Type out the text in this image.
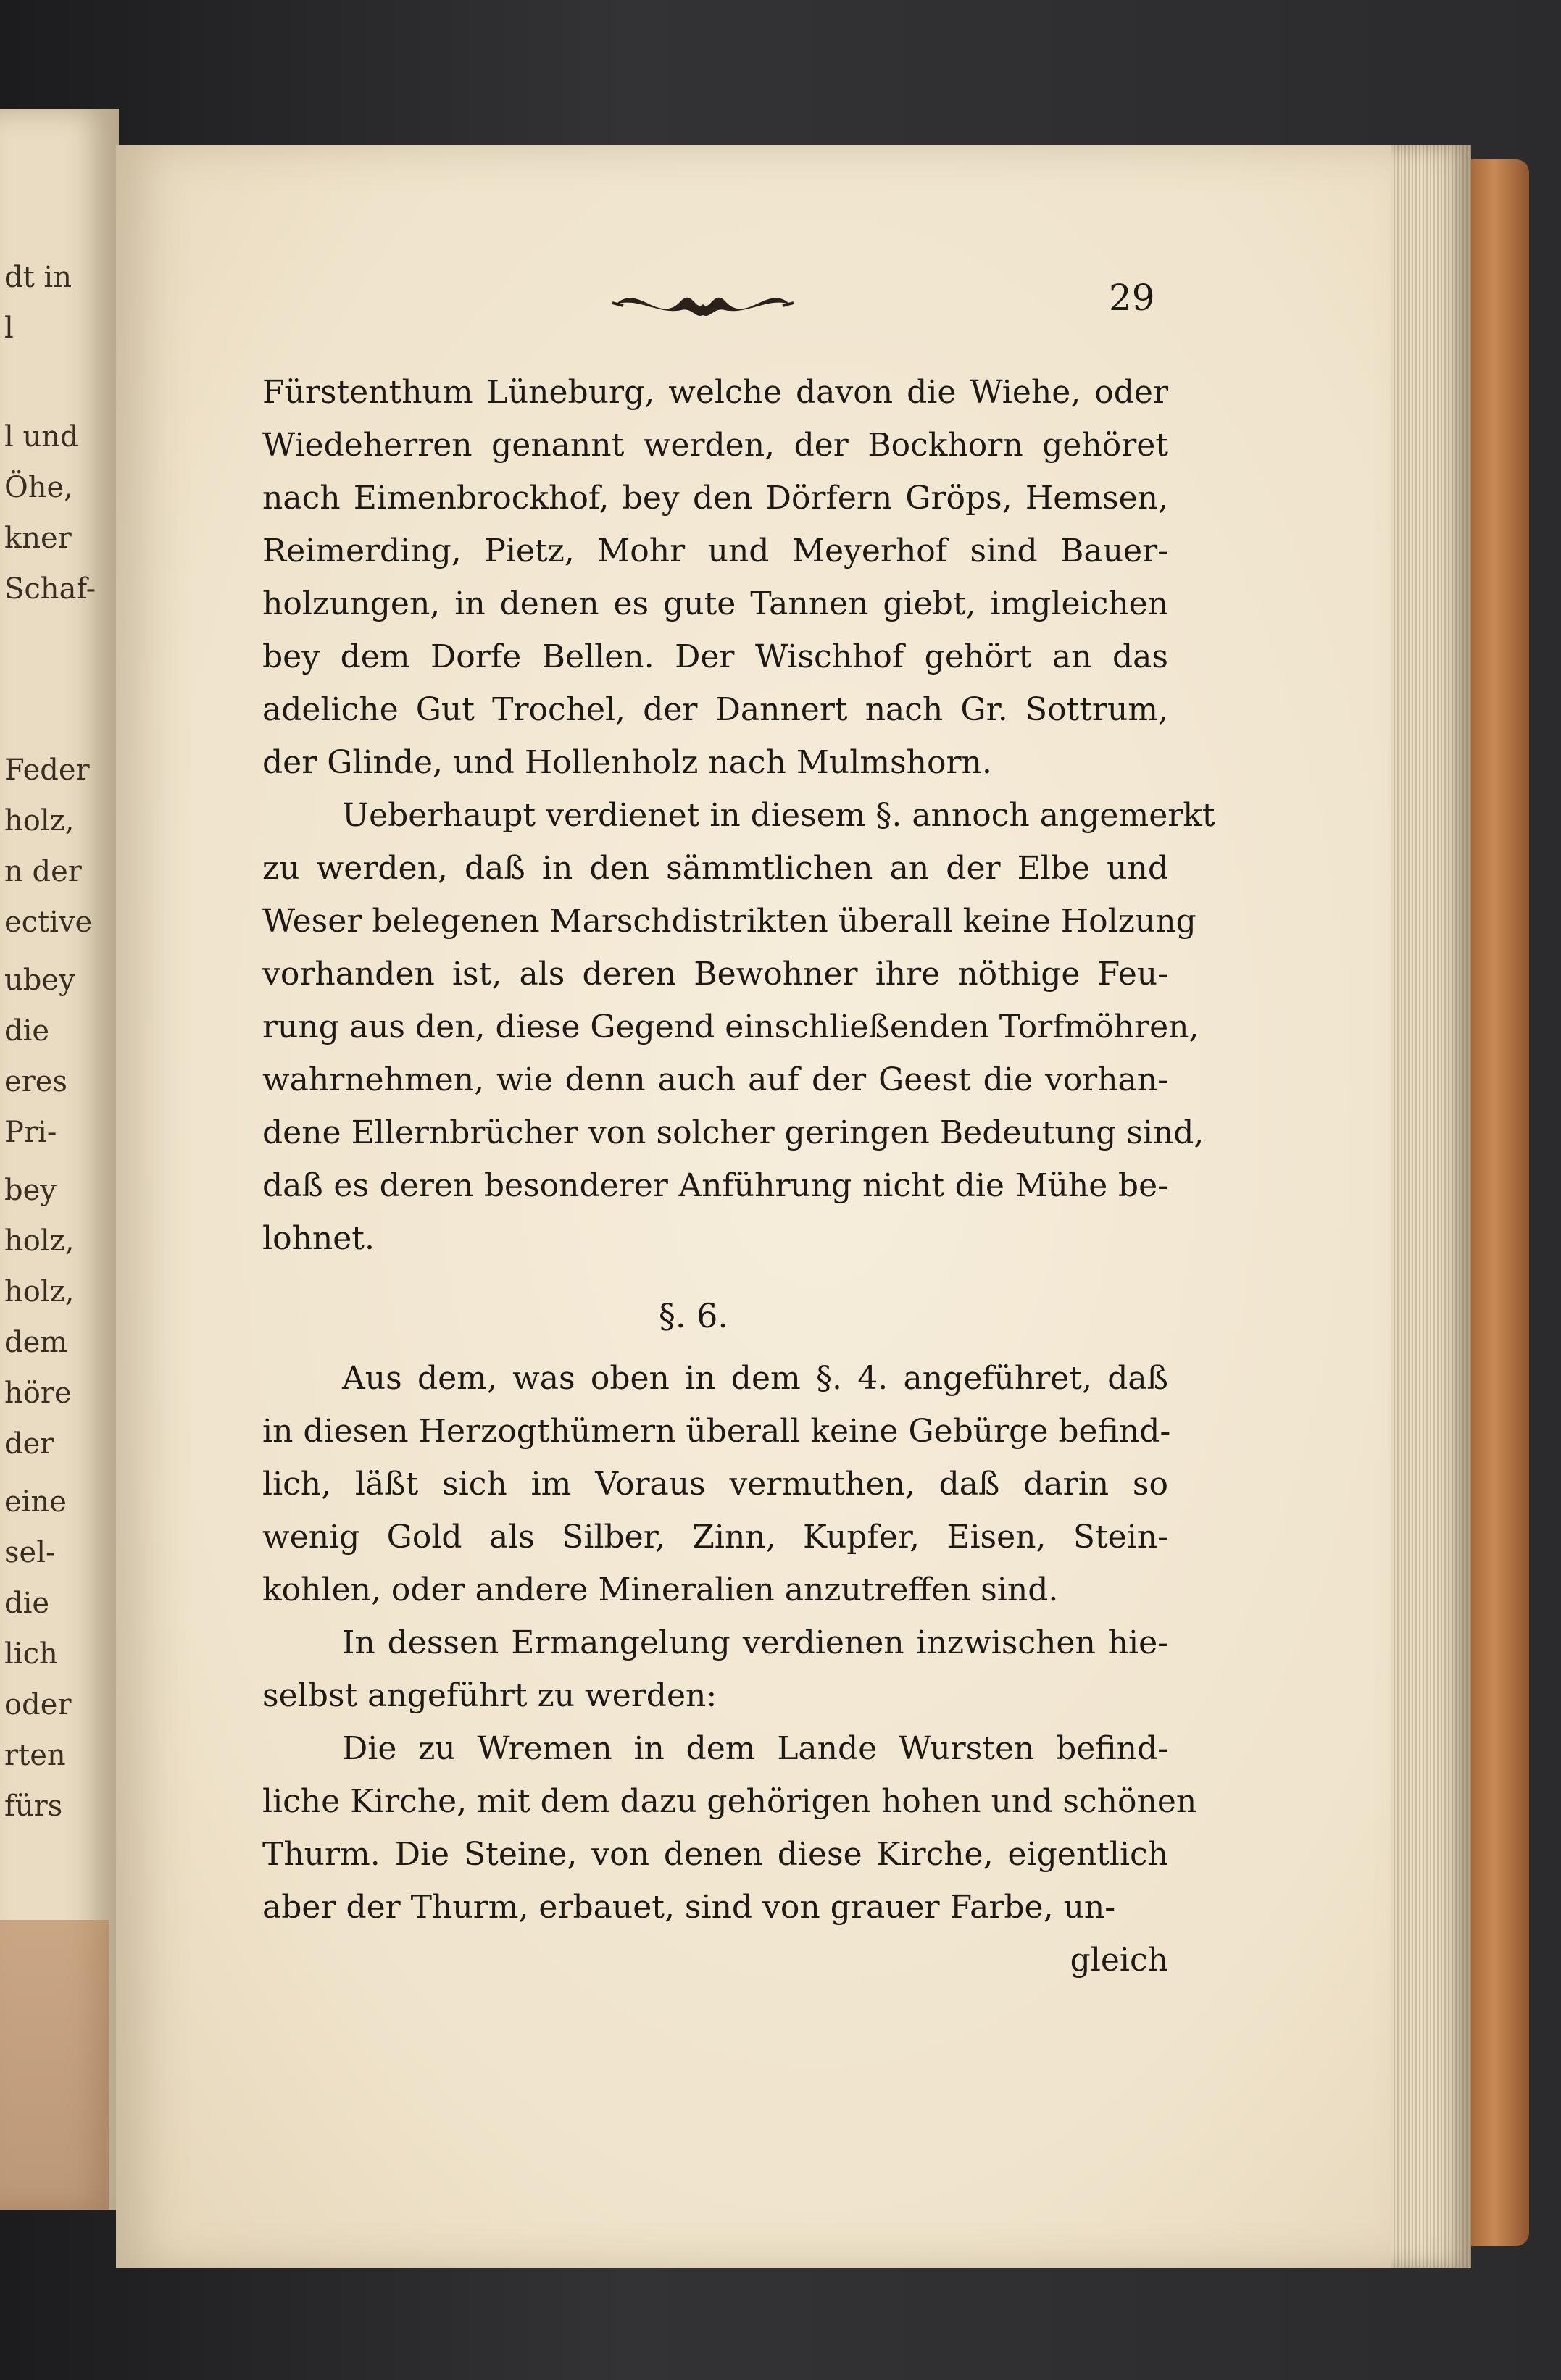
dt in
l
l und
Öhe,
kner
Schaf-
Feder
holz,
n der
ective
ubey
die
eres
Pri-
bey
holz,
holz,
dem
höre
der
eine
sel-
die
lich
oder
rten
fürs
29
Fürstenthum Lüneburg, welche davon die Wiehe, oder
Wiedeherren genannt werden, der Bockhorn gehöret
nach Eimenbrockhof, bey den Dörfern Gröps, Hemsen,
Reimerding, Pietz, Mohr und Meyerhof sind Bauer-
holzungen, in denen es gute Tannen giebt, imgleichen
bey dem Dorfe Bellen. Der Wischhof gehört an das
adeliche Gut Trochel, der Dannert nach Gr. Sottrum,
der Glinde, und Hollenholz nach Mulmshorn.
Ueberhaupt verdienet in diesem §. annoch angemerkt
zu werden, daß in den sämmtlichen an der Elbe und
Weser belegenen Marschdistrikten überall keine Holzung
vorhanden ist, als deren Bewohner ihre nöthige Feu-
rung aus den, diese Gegend einschließenden Torfmöhren,
wahrnehmen, wie denn auch auf der Geest die vorhan-
dene Ellernbrücher von solcher geringen Bedeutung sind,
daß es deren besonderer Anführung nicht die Mühe be-
lohnet.
§. 6.
Aus dem, was oben in dem §. 4. angeführet, daß
in diesen Herzogthümern überall keine Gebürge befind-
lich, läßt sich im Voraus vermuthen, daß darin so
wenig Gold als Silber, Zinn, Kupfer, Eisen, Stein-
kohlen, oder andere Mineralien anzutreffen sind.
In dessen Ermangelung verdienen inzwischen hie-
selbst angeführt zu werden:
Die zu Wremen in dem Lande Wursten befind-
liche Kirche, mit dem dazu gehörigen hohen und schönen
Thurm. Die Steine, von denen diese Kirche, eigentlich
aber der Thurm, erbauet, sind von grauer Farbe, un-
gleich
